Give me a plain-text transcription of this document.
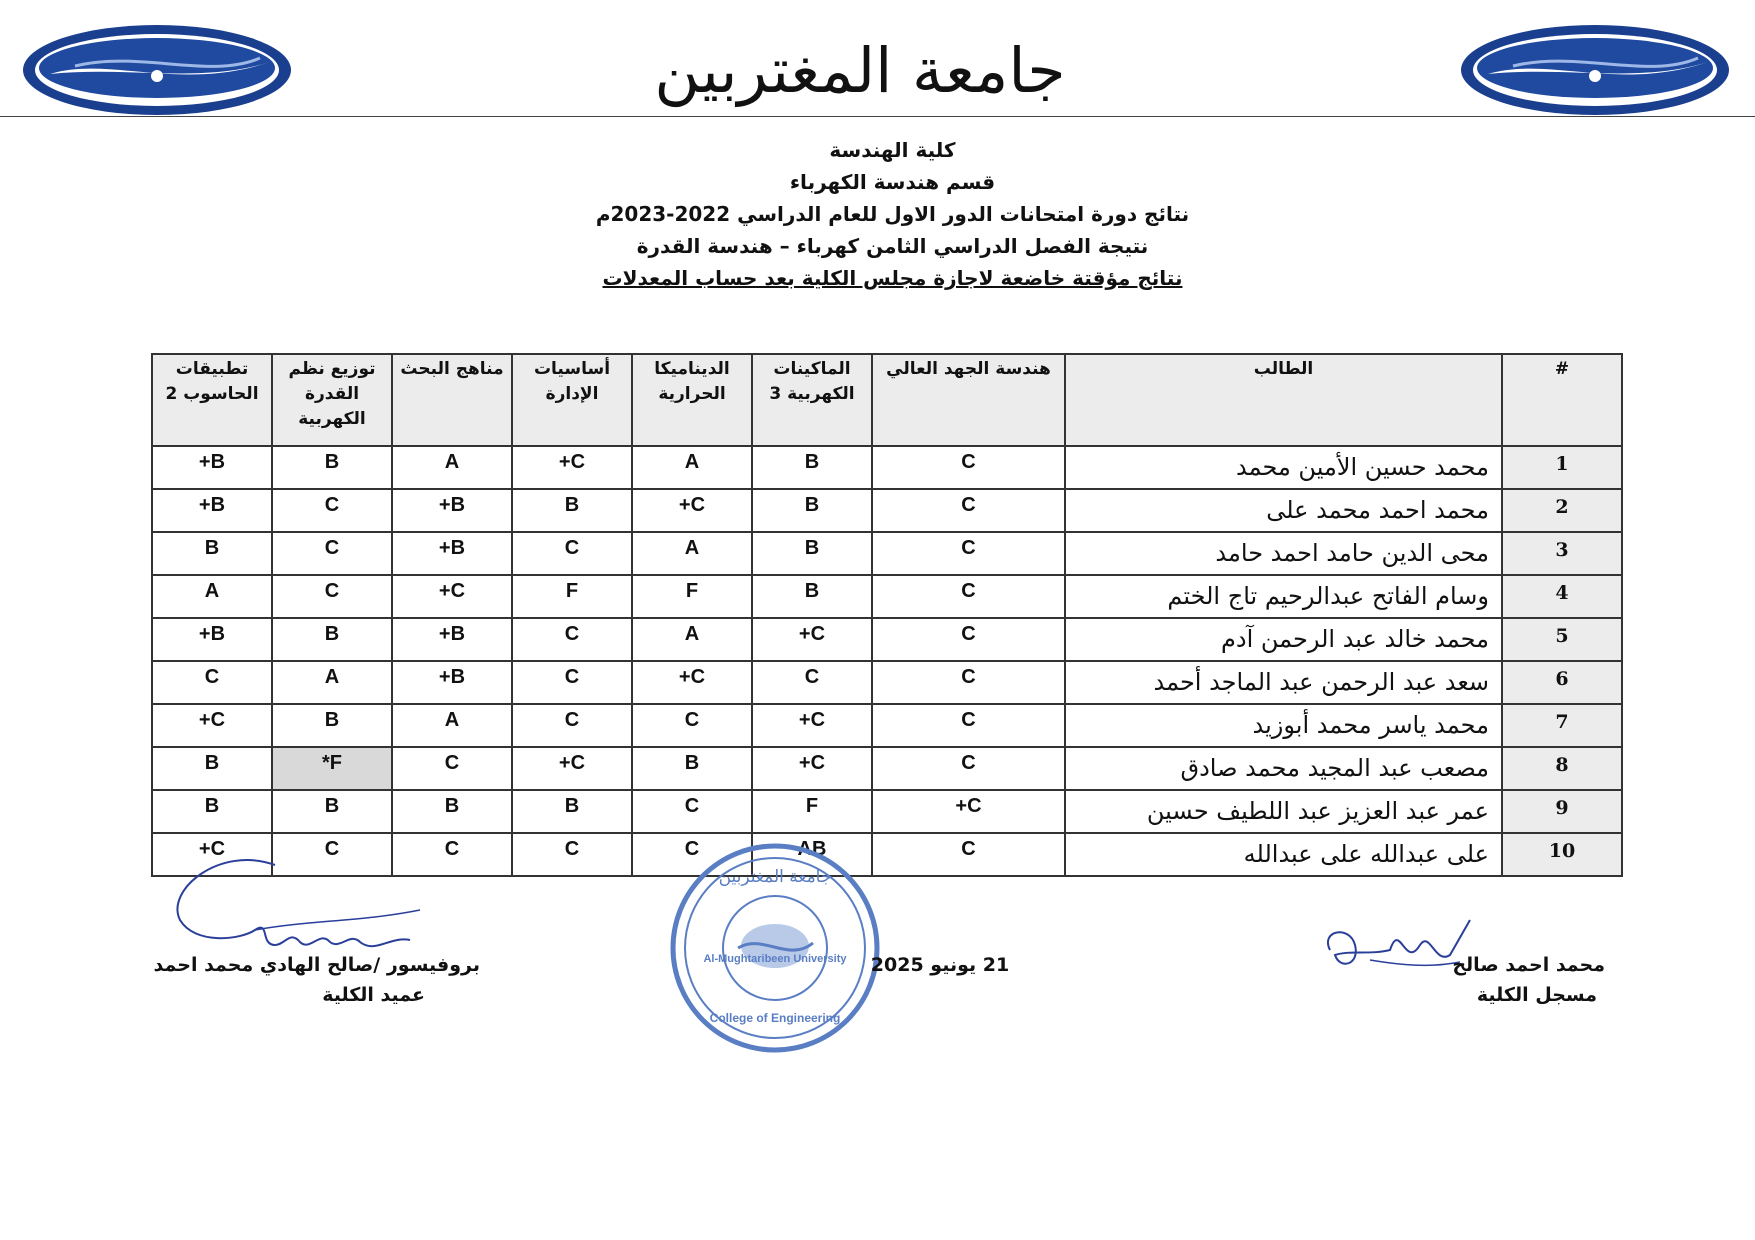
جامعة المغتربين
كلية الهندسة
قسم هندسة الكهرباء
نتائج دورة امتحانات الدور الاول للعام الدراسي 2022-2023م
نتيجة الفصل الدراسي الثامن كهرباء – هندسة القدرة
نتائج مؤقتة خاضعة لاجازة مجلس الكلية بعد حساب المعدلات
#	الطالب	هندسة الجهد العالي	الماكينات الكهربية 3	الديناميكا الحرارية	أساسيات الإدارة	مناهج البحث	توزيع نظم القدرة الكهربية	تطبيقات الحاسوب 2
1	محمد حسين الأمين محمد	C	B	A	C+	A	B	B+
2	محمد احمد محمد على	C	B	C+	B	B+	C	B+
3	محى الدين حامد احمد حامد	C	B	A	C	B+	C	B
4	وسام الفاتح عبدالرحيم تاج الختم	C	B	F	F	C+	C	A
5	محمد خالد عبد الرحمن آدم	C	C+	A	C	B+	B	B+
6	سعد عبد الرحمن عبد الماجد أحمد	C	C	C+	C	B+	A	C
7	محمد ياسر محمد أبوزيد	C	C+	C	C	A	B	C+
8	مصعب عبد المجيد محمد صادق	C	C+	B	C+	C	F*	B
9	عمر عبد العزيز عبد اللطيف حسين	C+	F	C	B	B	B	B
10	على عبدالله على عبدالله	C	AB	C	C	C	C	C+
جامعة المغتربين
Al-Mughtaribeen University
College of Engineering
بروفيسور /صالح الهادي محمد احمد
عميد الكلية
21 يونيو 2025	محمد احمد صالح
مسجل الكلية
